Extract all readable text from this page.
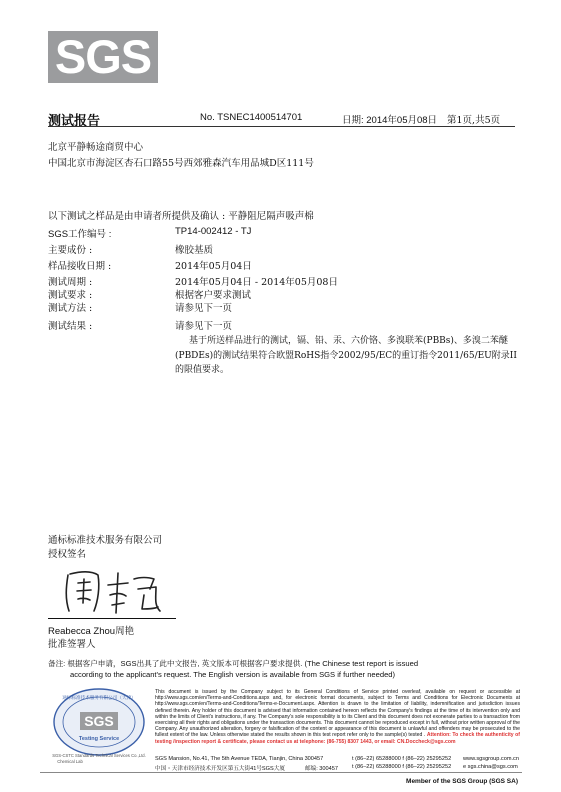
SGS
测试报告	No. TSNEC1400514701	日期: 2014年05月08日 第1页,共5页
北京平静畅途商贸中心
中国北京市海淀区杏石口路55号西郊雅森汽车用品城D区111号
以下测试之样品是由申请者所提供及确认 : 平静阻尼隔声吸声棉
SGS工作编号 :	TP14-002412 - TJ
主要成份 :	橡胶基质
样品接收日期 :	2014年05月04日
测试周期 :	2014年05月04日 - 2014年05月08日
测试要求 :	根据客户要求测试
测试方法 :	请参见下一页
测试结果 :	请参见下一页
基于所送样品进行的测试，镉、铅、汞、六价铬、多溴联苯(PBBs)、多溴二苯醚(PBDEs)的测试结果符合欧盟RoHS指令2002/95/EC的重订指令2011/65/EU附录II的限值要求。
通标标准技术服务有限公司
授权签名
周艳
Reabecca Zhou周艳
批准签署人
备注: 根据客户申请，SGS出具了此中文报告, 英文版本可根据客户要求提供. (The Chinese test report is issued
according to the applicant's request. The English version is available from SGS if further needed)
SGS
通标标准技术服务有限公司（天津）
Testing Service
SGS-CSTC Standards Technical Services Co.,Ltd.
Chemical Lab
This document is issued by the Company subject to its General Conditions of Service printed overleaf, available on request or accessible at http://www.sgs.com/en/Terms-and-Conditions.aspx and, for electronic format documents, subject to Terms and Conditions for Electronic Documents at http://www.sgs.com/en/Terms-and-Conditions/Terms-e-Document.aspx. Attention is drawn to the limitation of liability, indemnification and jurisdiction issues defined therein. Any holder of this document is advised that information contained hereon reflects the Company's findings at the time of its intervention only and within the limits of Client's instructions, if any. The Company's sole responsibility is to its Client and this document does not exonerate parties to a transaction from exercising all their rights and obligations under the transaction documents. This document cannot be reproduced except in full, without prior written approval of the Company. Any unauthorized alteration, forgery or falsification of the content or appearance of this document is unlawful and offenders may be prosecuted to the fullest extent of the law. Unless otherwise stated the results shown in this test report refer only to the sample(s) tested . Attention: To check the authenticity of testing /inspection report & certificate, please contact us at telephone: (86-755) 8307 1443, or email: CN.Doccheck@sgs.com
SGS Mansion, No.41, The 5th Avenue TEDA, Tianjin, China 300457	t (86–22) 65288000 f (86–22) 25295252 www.sgsgroup.com.cn
中国・天津市经济技术开发区第五大街41号SGS大厦	邮编: 300457	t (86–22) 65288000 f (86–22) 25295252 e sgs.china@sgs.com
Member of the SGS Group (SGS SA)
